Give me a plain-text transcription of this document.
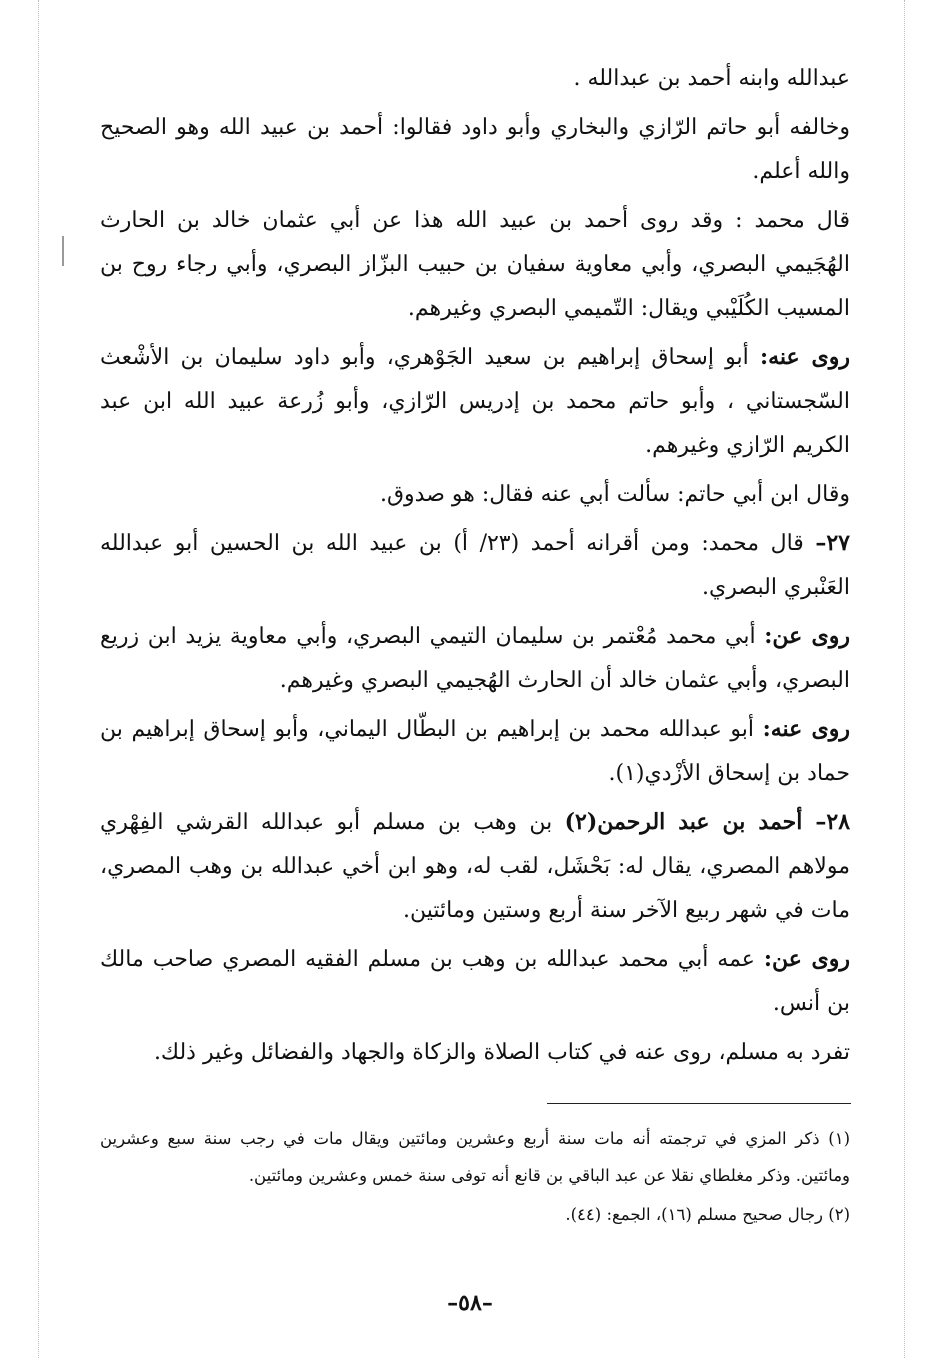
عبدالله وابنه أحمد بن عبدالله .

وخالفه أبو حاتم الرّازي والبخاري وأبو داود فقالوا: أحمد بن عبيد الله وهو الصحيح والله أعلم.

قال محمد : وقد روى أحمد بن عبيد الله هذا عن أبي عثمان خالد بن الحارث الهُجَيمي البصري، وأبي معاوية سفيان بن حبيب البزّاز البصري، وأبي رجاء روح بن المسيب الكُلَيْبي ويقال: التّميمي البصري وغيرهم.

روى عنه: أبو إسحاق إبراهيم بن سعيد الجَوْهري، وأبو داود سليمان بن الأشْعث السّجستاني ، وأبو حاتم محمد بن إدريس الرّازي، وأبو زُرعة عبيد الله ابن عبد الكريم الرّازي وغيرهم.

وقال ابن أبي حاتم: سألت أبي عنه فقال: هو صدوق.

٢٧– قال محمد: ومن أقرانه أحمد (٢٣/ أ) بن عبيد الله بن الحسين أبو عبدالله العَنْبري البصري.

روى عن: أبي محمد مُعْتمر بن سليمان التيمي البصري، وأبي معاوية يزيد ابن زريع البصري، وأبي عثمان خالد أن الحارث الهُجيمي البصري وغيرهم.

روى عنه: أبو عبدالله محمد بن إبراهيم بن البطّال اليماني، وأبو إسحاق إبراهيم بن حماد بن إسحاق الأزْدي(١).

٢٨– أحمد بن عبد الرحمن(٢) بن وهب بن مسلم أبو عبدالله القرشي الفِهْري مولاهم المصري، يقال له: بَحْشَل، لقب له، وهو ابن أخي عبدالله بن وهب المصري، مات في شهر ربيع الآخر سنة أربع وستين ومائتين.

روى عن: عمه أبي محمد عبدالله بن وهب بن مسلم الفقيه المصري صاحب مالك بن أنس.

تفرد به مسلم، روى عنه في كتاب الصلاة والزكاة والجهاد والفضائل وغير ذلك.

(١) ذكر المزي في ترجمته أنه مات سنة أربع وعشرين ومائتين ويقال مات في رجب سنة سبع وعشرين ومائتين. وذكر مغلطاي نقلا عن عبد الباقي بن قانع أنه توفى سنة خمس وعشرين ومائتين.

(٢) رجال صحيح مسلم (١٦)، الجمع: (٤٤).

–٥٨–
